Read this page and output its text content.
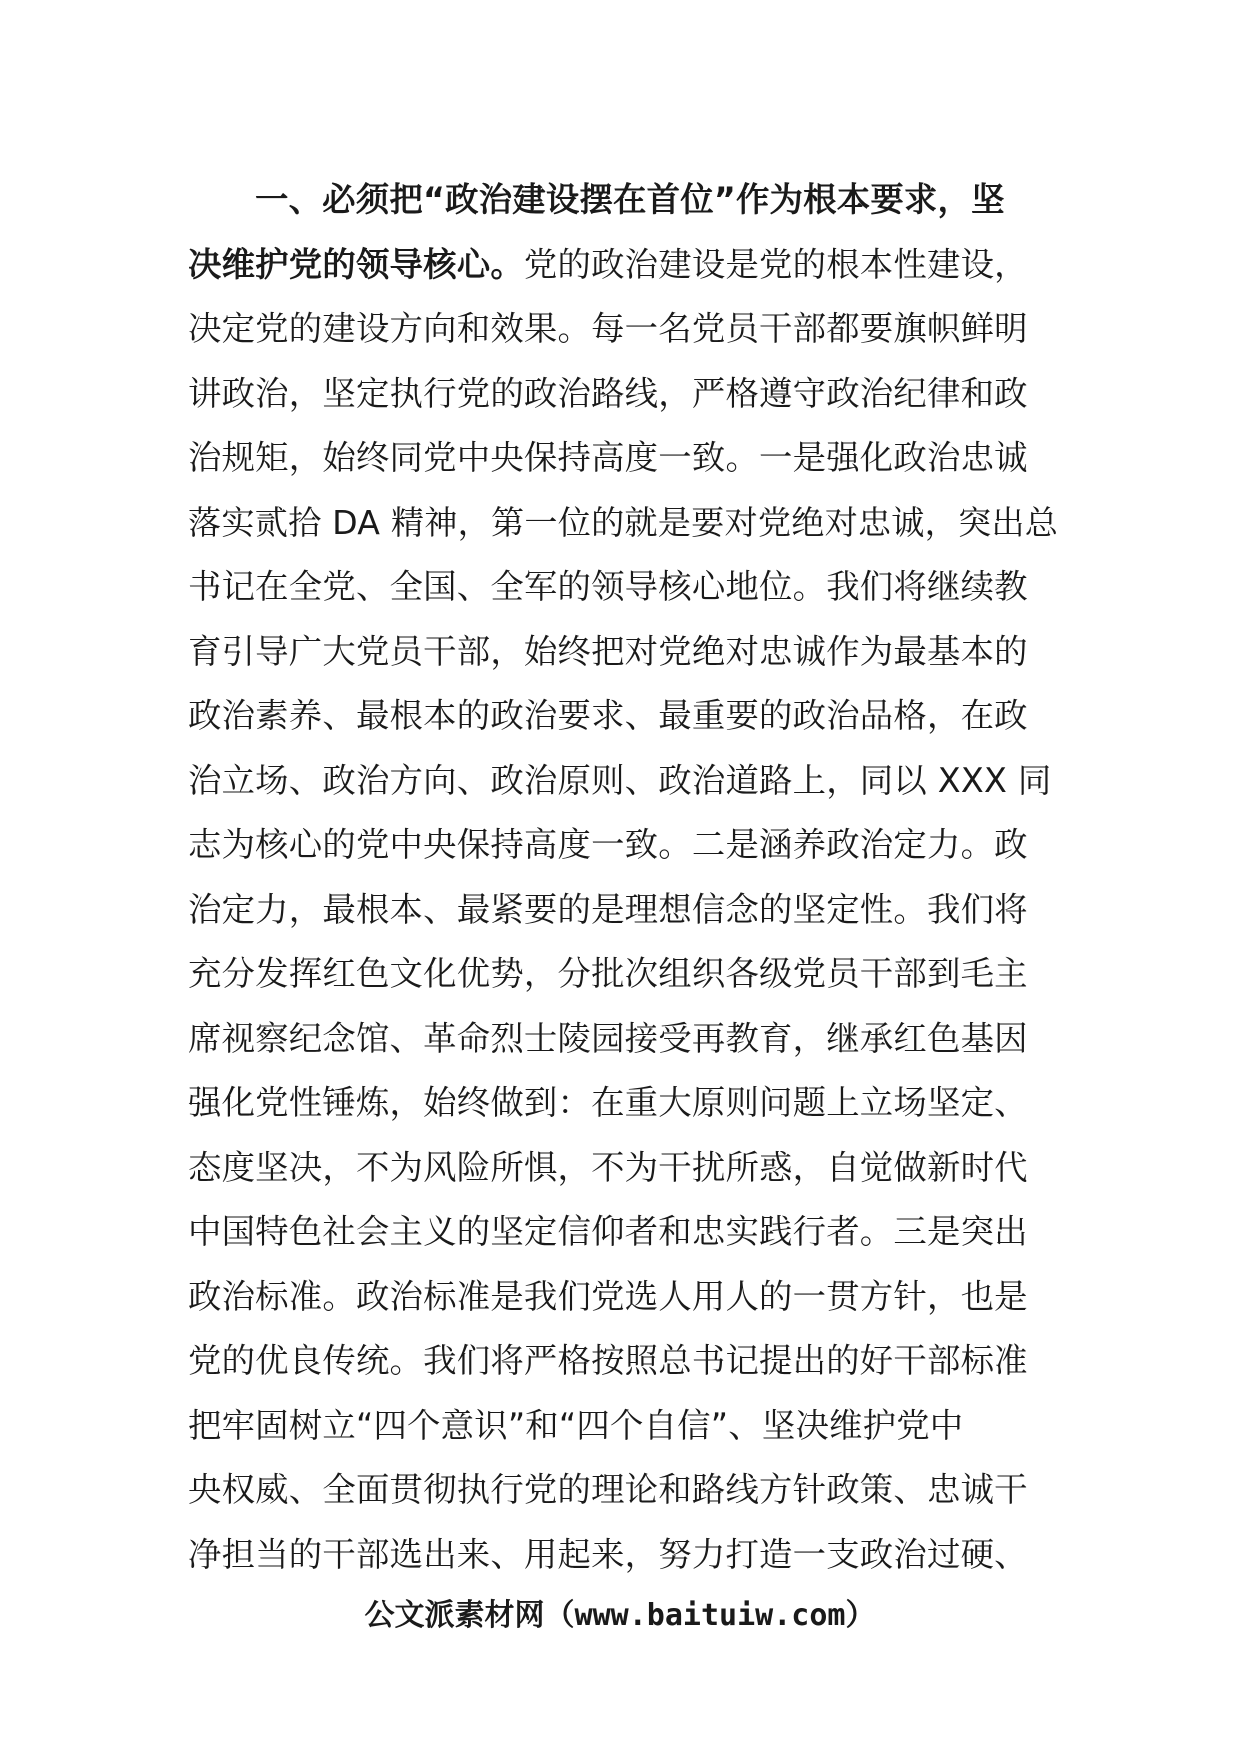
一、必须把“政治建设摆在首位”作为根本要求，坚
决维护党的领导核心。党的政治建设是党的根本性建设，
决定党的建设方向和效果。每一名党员干部都要旗帜鲜明
讲政治，坚定执行党的政治路线，严格遵守政治纪律和政
治规矩，始终同党中央保持高度一致。一是强化政治忠诚
落实贰拾 DA 精神，第一位的就是要对党绝对忠诚，突出总
书记在全党、全国、全军的领导核心地位。我们将继续教
育引导广大党员干部，始终把对党绝对忠诚作为最基本的
政治素养、最根本的政治要求、最重要的政治品格，在政
治立场、政治方向、政治原则、政治道路上，同以 XXX 同
志为核心的党中央保持高度一致。二是涵养政治定力。政
治定力，最根本、最紧要的是理想信念的坚定性。我们将
充分发挥红色文化优势，分批次组织各级党员干部到毛主
席视察纪念馆、革命烈士陵园接受再教育，继承红色基因
强化党性锤炼，始终做到：在重大原则问题上立场坚定、
态度坚决，不为风险所惧，不为干扰所惑，自觉做新时代
中国特色社会主义的坚定信仰者和忠实践行者。三是突出
政治标准。政治标准是我们党选人用人的一贯方针，也是
党的优良传统。我们将严格按照总书记提出的好干部标准
把牢固树立“四个意识”和“四个自信”、坚决维护党中
央权威、全面贯彻执行党的理论和路线方针政策、忠诚干
净担当的干部选出来、用起来，努力打造一支政治过硬、
公文派素材网（www.baituiw.com）
